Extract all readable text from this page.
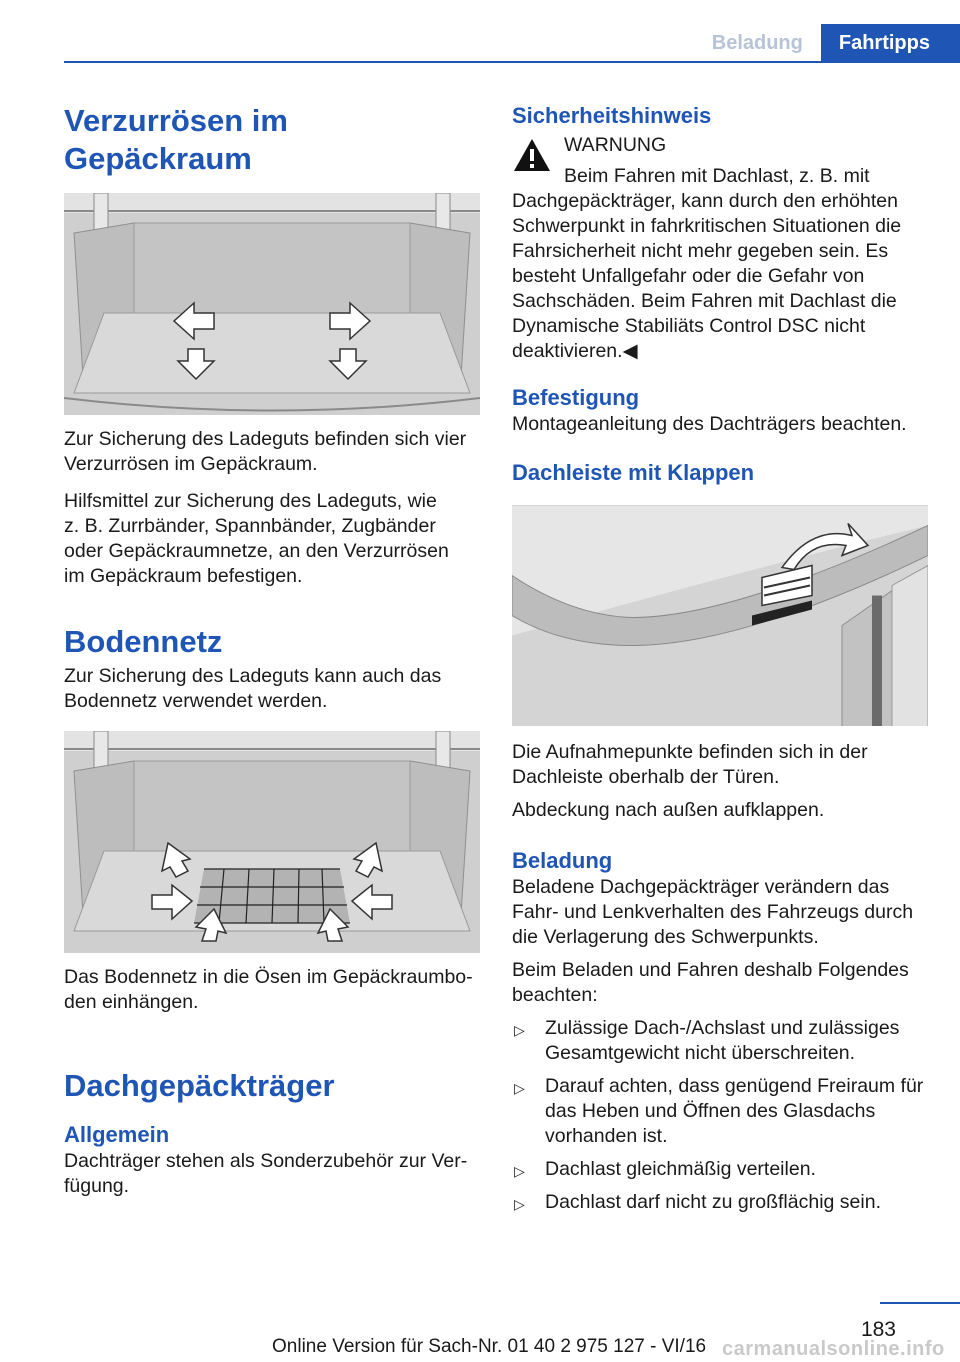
Beladung	Fahrtipps
Verzurrösen im Gepäckraum
Zur Sicherung des Ladeguts befinden sich vier Verzurrösen im Gepäckraum.
Hilfsmittel zur Sicherung des Ladeguts, wie
z. B. Zurrbänder, Spannbänder, Zugbänder
oder Gepäckraumnetze, an den Verzurrösen
im Gepäckraum befestigen.
Bodennetz
Zur Sicherung des Ladeguts kann auch das Bodennetz verwendet werden.
Das Bodennetz in die Ösen im Gepäckraumbo-
den einhängen.
Dachgepäckträger
Allgemein
Dachträger stehen als Sonderzubehör zur Ver-
fügung.
Sicherheitshinweis
WARNUNG
Beim Fahren mit Dachlast, z. B. mit
Dachgepäckträger, kann durch den erhöhten Schwerpunkt in fahrkritischen Situationen die Fahrsicherheit nicht mehr gegeben sein. Es besteht Unfallgefahr oder die Gefahr von Sachschäden. Beim Fahren mit Dachlast die Dynamische Stabiliäts Control DSC nicht deaktivieren.◀
Befestigung
Montageanleitung des Dachträgers beachten.
Dachleiste mit Klappen
Die Aufnahmepunkte befinden sich in der Dachleiste oberhalb der Türen.
Abdeckung nach außen aufklappen.
Beladung
Beladene Dachgepäckträger verändern das Fahr- und Lenkverhalten des Fahrzeugs durch die Verlagerung des Schwerpunkts.
Beim Beladen und Fahren deshalb Folgendes beachten:
▷ Zulässige Dach-/Achslast und zulässiges Gesamtgewicht nicht überschreiten.
▷ Darauf achten, dass genügend Freiraum für das Heben und Öffnen des Glasdachs vorhanden ist.
▷ Dachlast gleichmäßig verteilen.
▷ Dachlast darf nicht zu großflächig sein.
183
Online Version für Sach-Nr. 01 40 2 975 127 - VI/16 carmanualsonline.info
